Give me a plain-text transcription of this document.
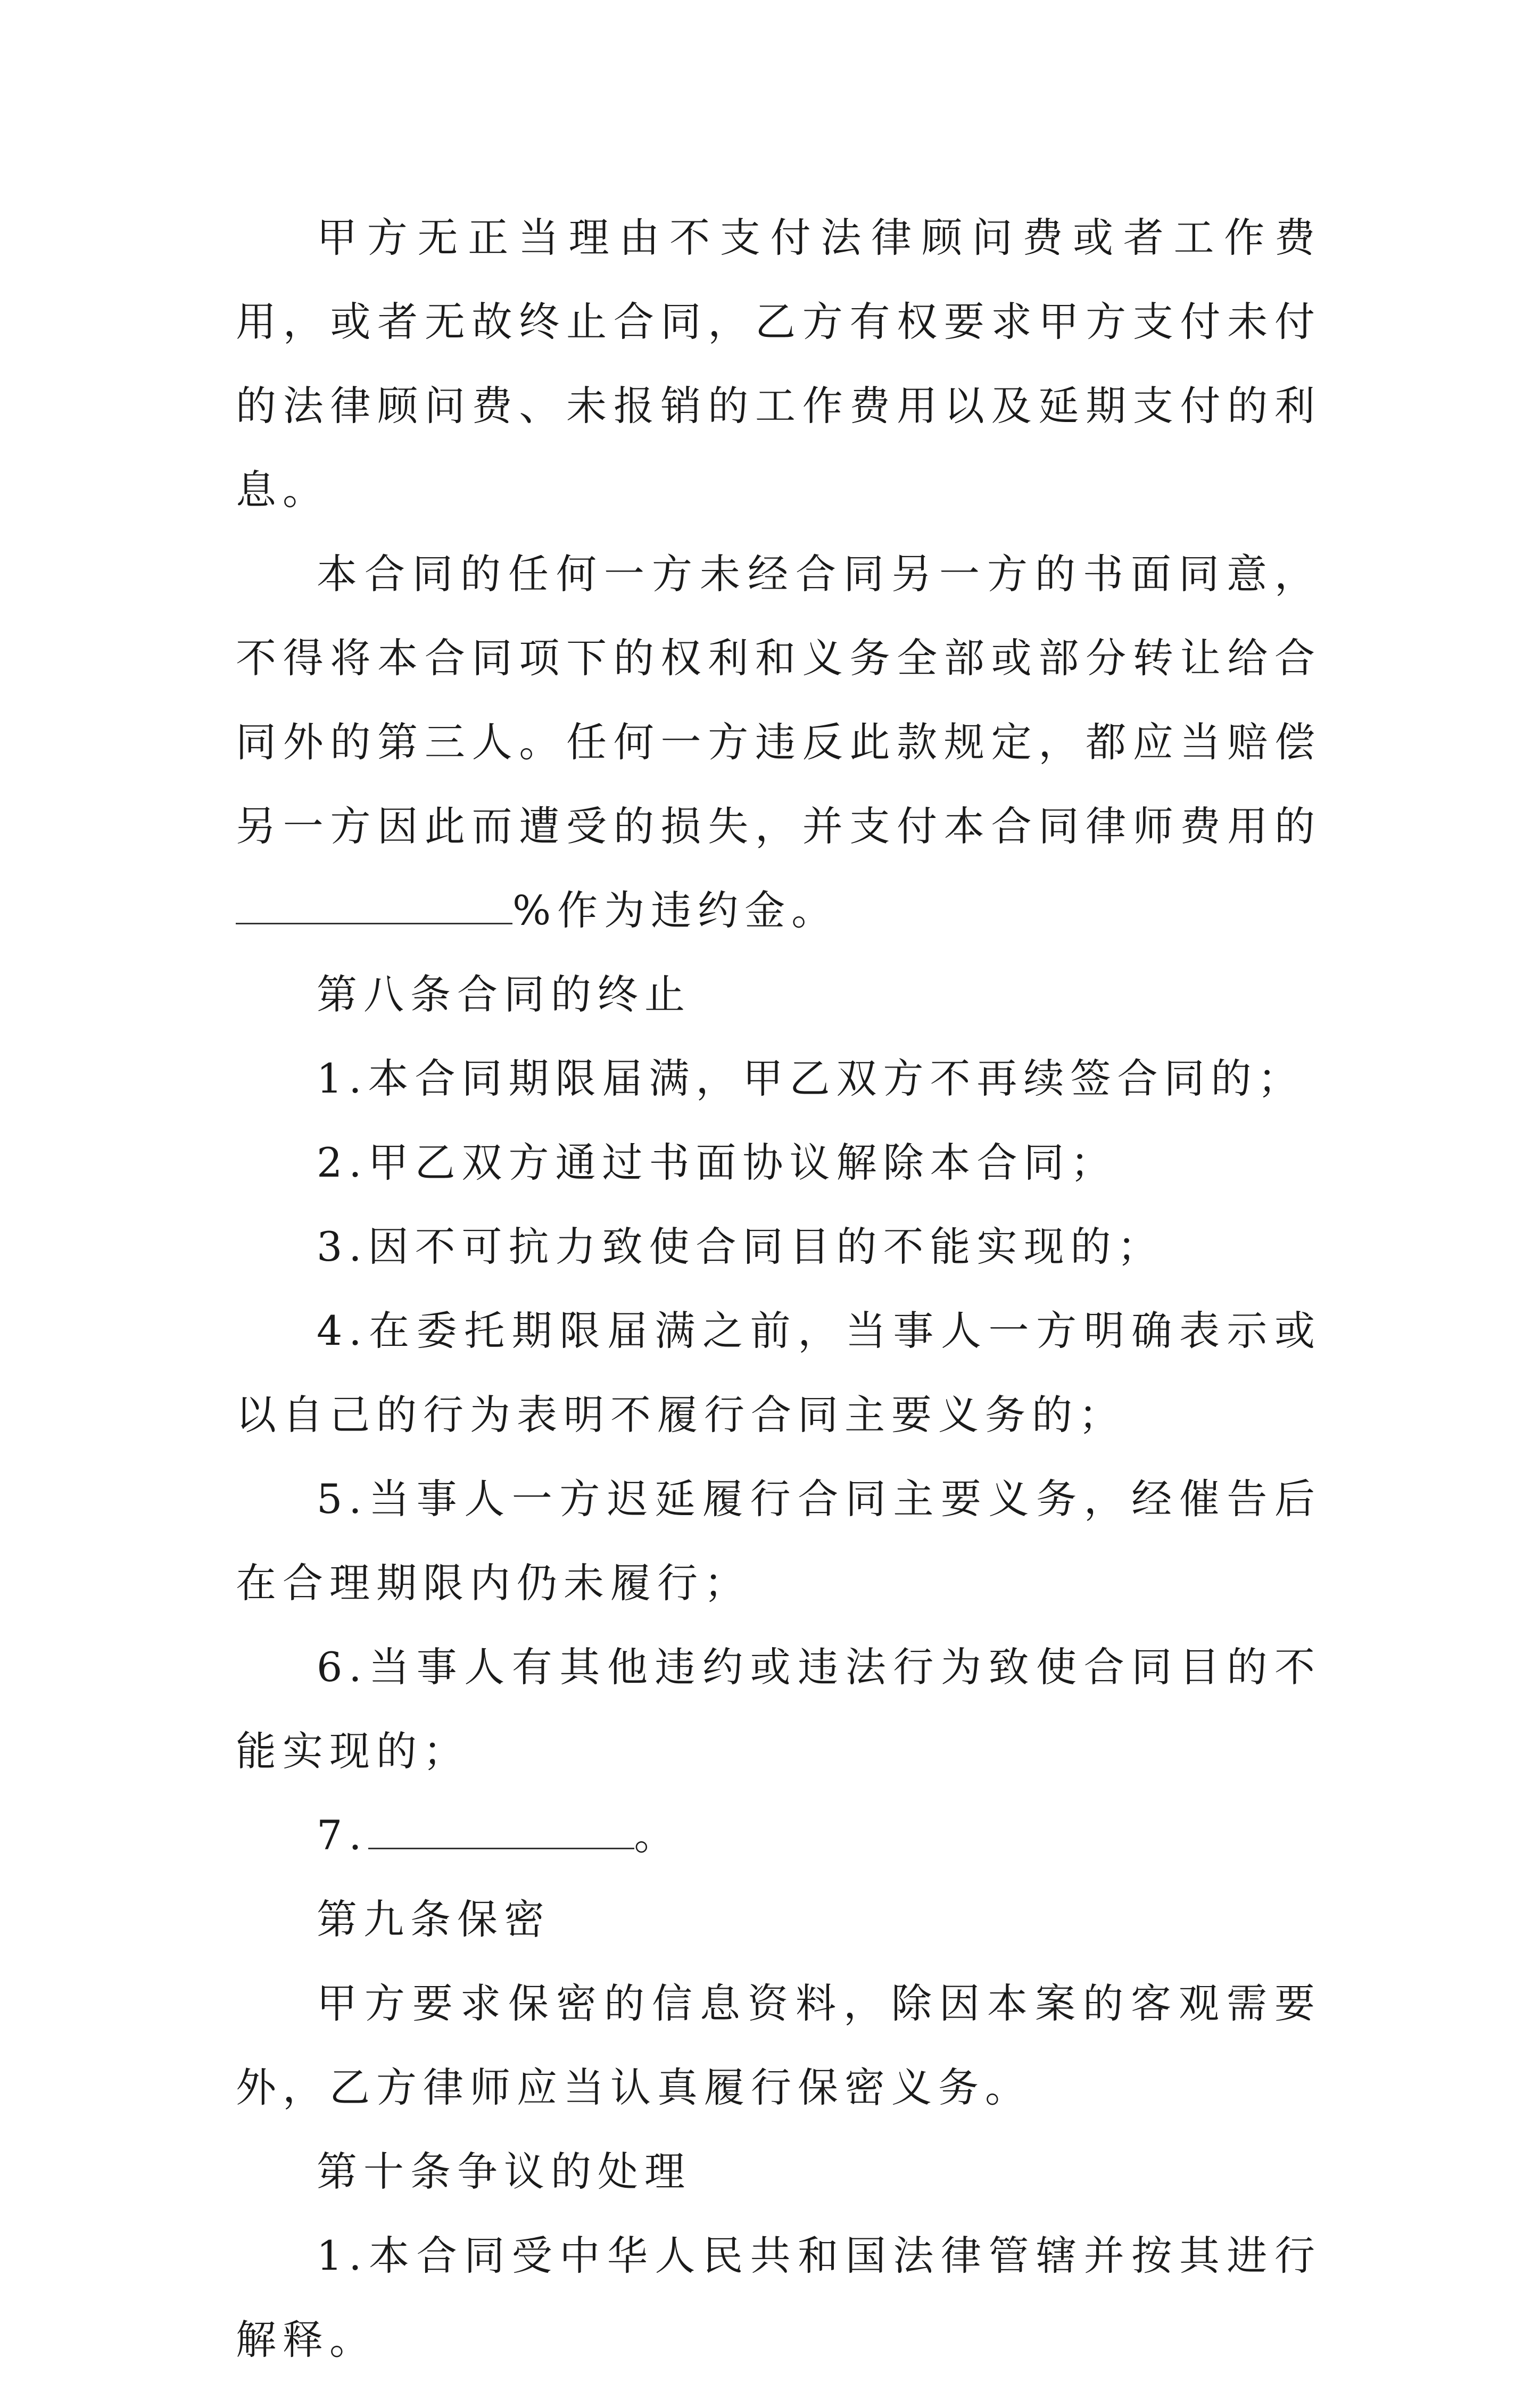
甲方无正当理由不支付法律顾问费或者工作费用，或者无故终止合同，乙方有权要求甲方支付未付的法律顾问费、未报销的工作费用以及延期支付的利息。

本合同的任何一方未经合同另一方的书面同意，不得将本合同项下的权利和义务全部或部分转让给合同外的第三人。任何一方违反此款规定，都应当赔偿另一方因此而遭受的损失，并支付本合同律师费用的%作为违约金。

第八条合同的终止

1.本合同期限届满，甲乙双方不再续签合同的；

2.甲乙双方通过书面协议解除本合同；

3.因不可抗力致使合同目的不能实现的；

4.在委托期限届满之前，当事人一方明确表示或以自己的行为表明不履行合同主要义务的；

5.当事人一方迟延履行合同主要义务，经催告后在合理期限内仍未履行；

6.当事人有其他违约或违法行为致使合同目的不能实现的；

7.	。

第九条保密

甲方要求保密的信息资料，除因本案的客观需要外，乙方律师应当认真履行保密义务。

第十条争议的处理

1.本合同受中华人民共和国法律管辖并按其进行解释。
